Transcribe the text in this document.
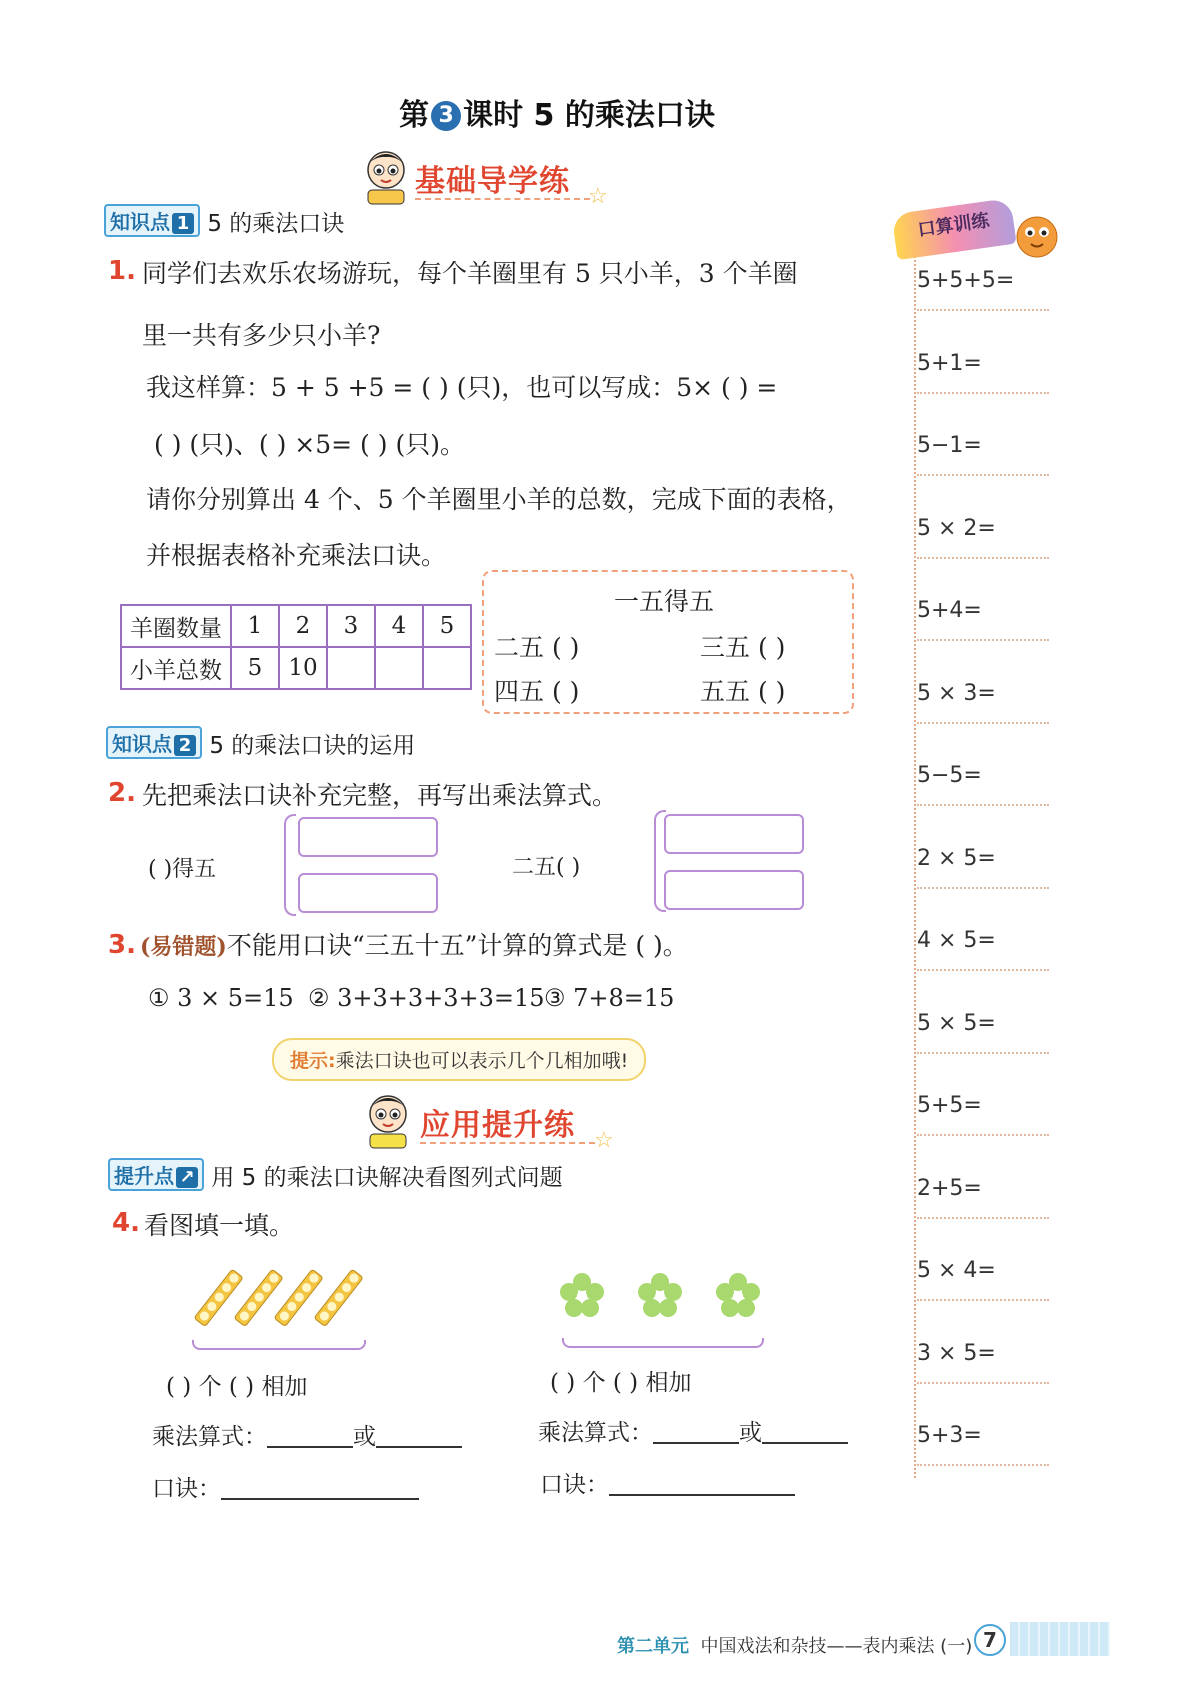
第 3 课时 5 的乘法口诀
基础导学练 ☆
知识点 1 5 的乘法口诀
1. 同学们去欢乐农场游玩，每个羊圈里有 5 只小羊，3 个羊圈
里一共有多少只小羊?
我这样算：5 + 5 +5 = ( ) (只)，也可以写成：5× ( ) =
( ) (只)、( ) ×5= ( ) (只)。
请你分别算出 4 个、5 个羊圈里小羊的总数，完成下面的表格，
并根据表格补充乘法口诀。
羊圈数量	1	2	3	4	5
小羊总数	5	10			
一五得五
二五 ( )	三五 ( )
四五 ( )	五五 ( )
知识点 2 5 的乘法口诀的运用
2. 先把乘法口诀补充完整，再写出乘法算式。
( )得五	二五( )
3. (易错题)不能用口诀“三五十五”计算的算式是 ( )。
① 3 × 5=15 ② 3+3+3+3+3=15 ③ 7+8=15
提示:乘法口诀也可以表示几个几相加哦!
应用提升练 ☆
提升点 ↗ 用 5 的乘法口诀解决看图列式问题
4. 看图填一填。
( ) 个 ( ) 相加
乘法算式：	或
口诀：
( ) 个 ( ) 相加
乘法算式：	或
口诀：
口算训练
5+5+5=
5+1=
5−1=
5 × 2=
5+4=
5 × 3=
5−5=
2 × 5=
4 × 5=
5 × 5=
5+5=
2+5=
5 × 4=
3 × 5=
5+3=
第二单元 中国戏法和杂技——表内乘法 (一) 7
